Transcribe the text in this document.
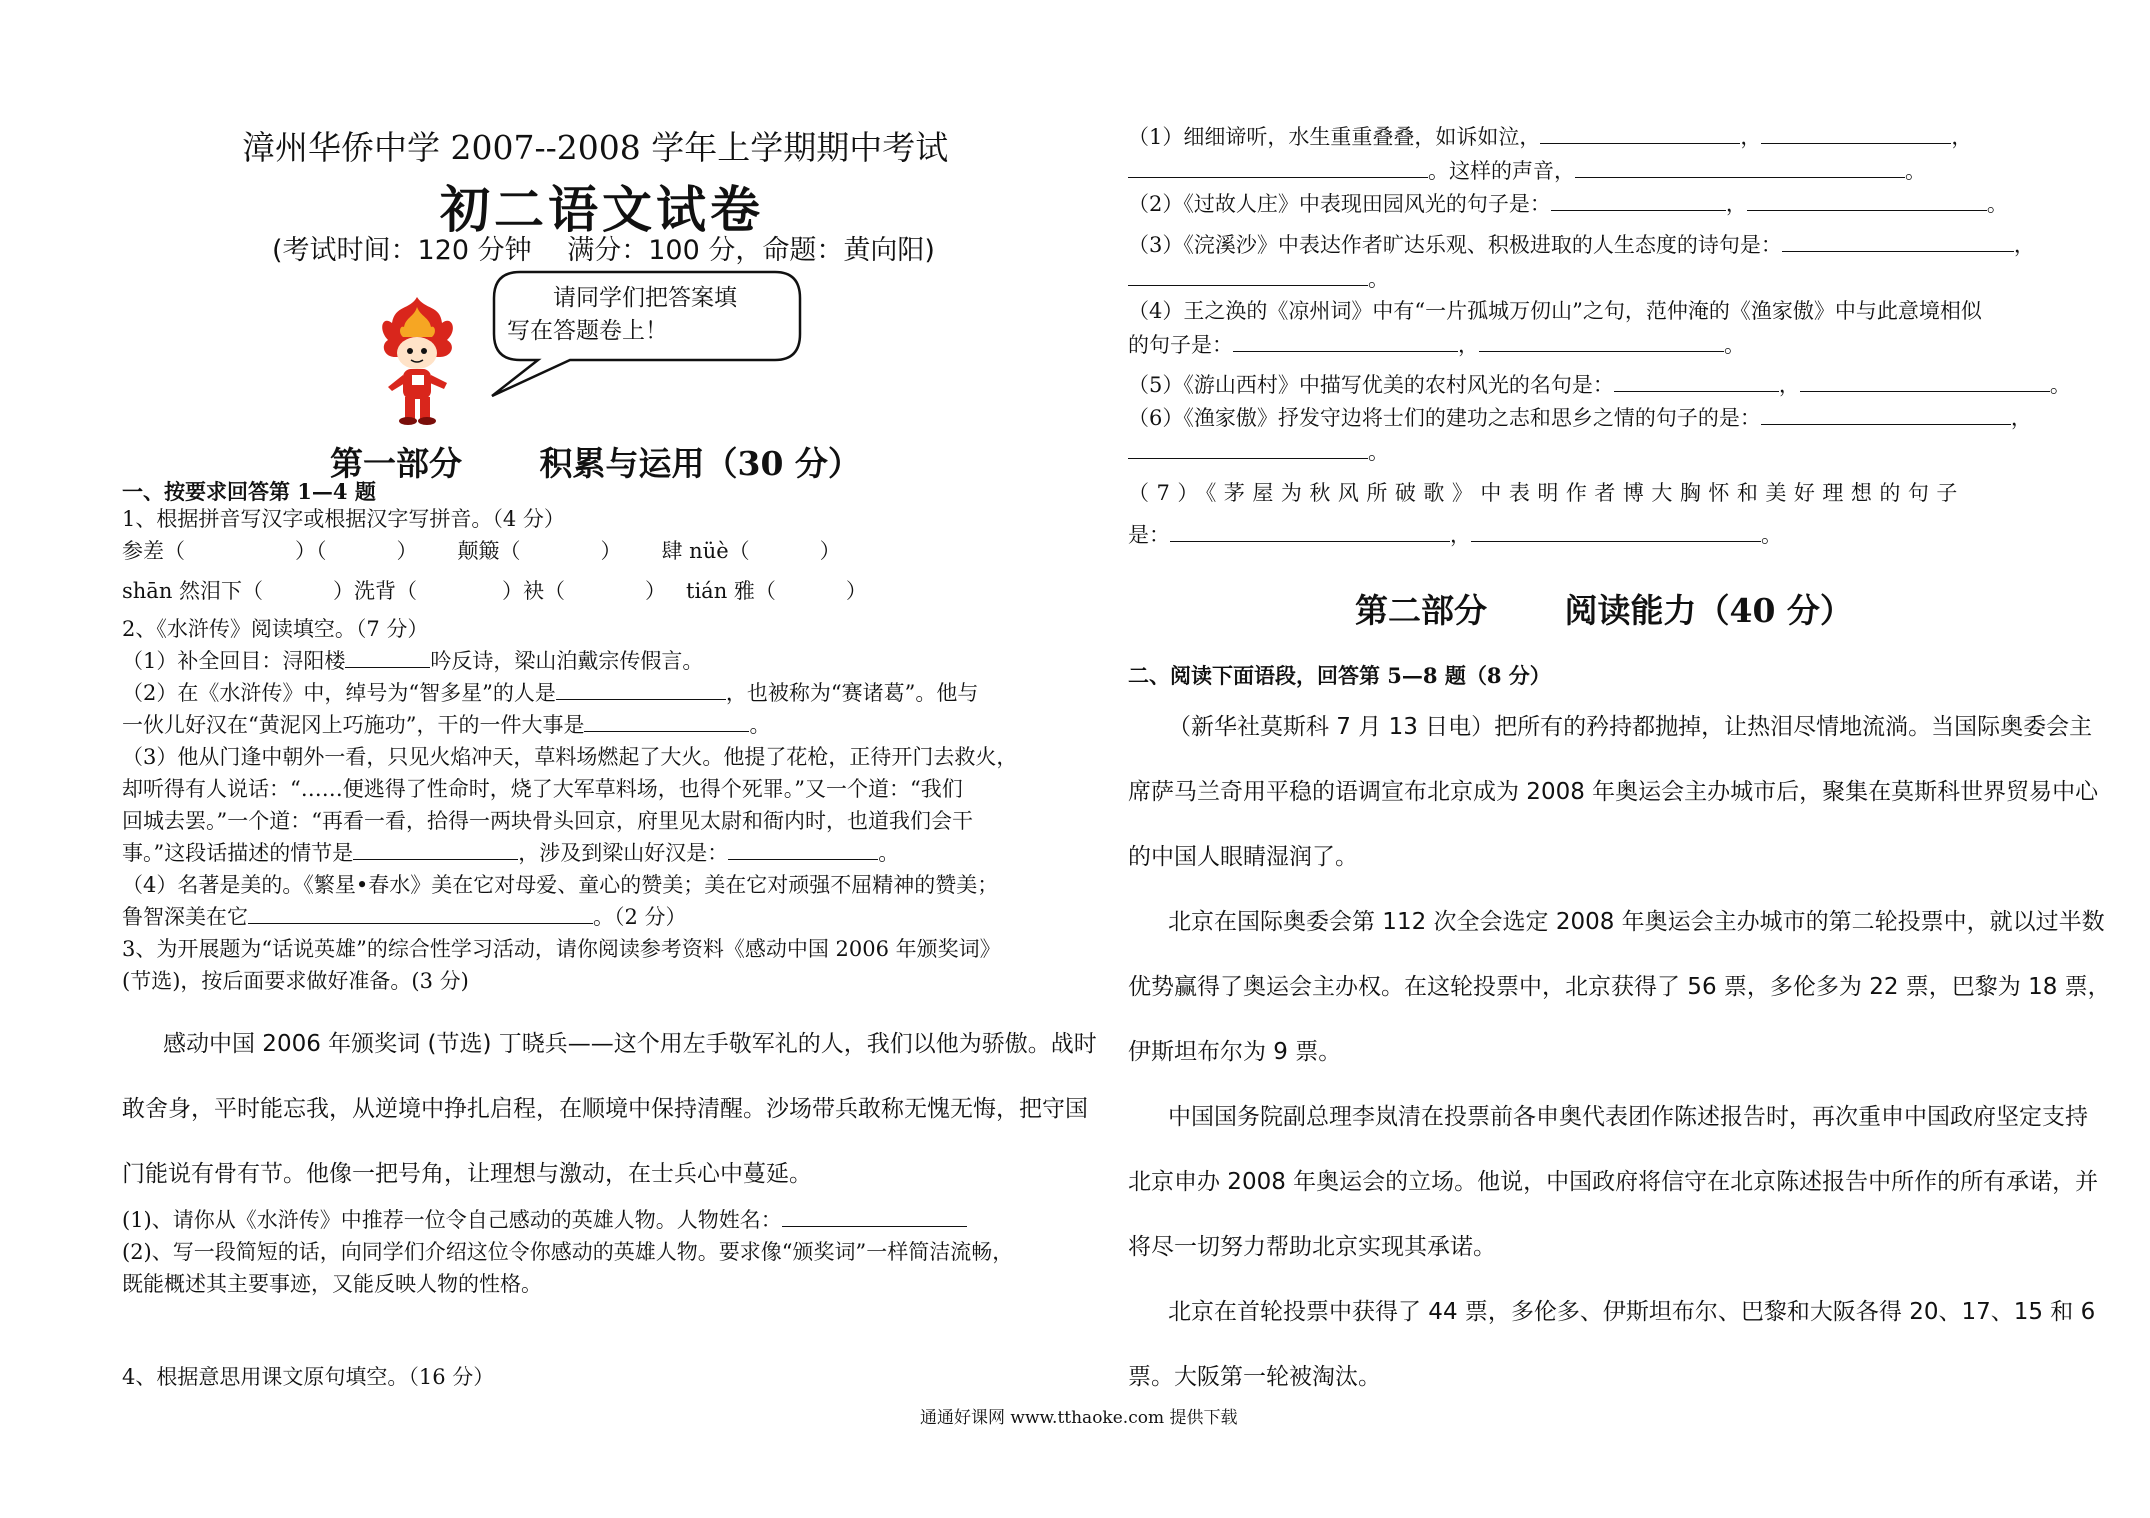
漳州华侨中学 2007--2008 学年上学期期中考试
初二语文试卷
(考试时间：120 分钟　 满分：100 分，命题：黄向阳)
请同学们把答案填
写在答题卷上！
第一部分　　 积累与运用（30 分）
一、按要求回答第 1—4 题
1、根据拼音写汉字或根据汉字写拼音。（4 分）
参差（	）（	） 颠簸（	） 肆 nüè（	）
shān 然泪下（	）洗背（	）袂（	） tián 雅（	）
2、《水浒传》阅读填空。（7 分）
（1）补全回目：浔阳楼	吟反诗，梁山泊戴宗传假言。
（2）在《水浒传》中，绰号为“智多星”的人是	，也被称为“赛诸葛”。他与
一伙儿好汉在“黄泥冈上巧施功”，干的一件大事是	。
（3）他从门逢中朝外一看，只见火焰冲天，草料场燃起了大火。他提了花枪，正待开门去救火，
却听得有人说话：“……便逃得了性命时，烧了大军草料场，也得个死罪。”又一个道：“我们
回城去罢。”一个道：“再看一看，拾得一两块骨头回京，府里见太尉和衙内时，也道我们会干
事。”这段话描述的情节是	，涉及到梁山好汉是：	。
（4）名著是美的。《繁星•春水》美在它对母爱、童心的赞美；美在它对顽强不屈精神的赞美；
鲁智深美在它	。（2 分）
3、为开展题为“话说英雄”的综合性学习活动，请你阅读参考资料《感动中国 2006 年颁奖词》
(节选)，按后面要求做好准备。(3 分)
感动中国 2006 年颁奖词 (节选) 丁晓兵——这个用左手敬军礼的人，我们以他为骄傲。战时
敢舍身，平时能忘我，从逆境中挣扎启程，在顺境中保持清醒。沙场带兵敢称无愧无悔，把守国
门能说有骨有节。他像一把号角，让理想与激动，在士兵心中蔓延。
(1)、请你从《水浒传》中推荐一位令自己感动的英雄人物。人物姓名：
(2)、写一段简短的话，向同学们介绍这位令你感动的英雄人物。要求像“颁奖词”一样简洁流畅，
既能概述其主要事迹，又能反映人物的性格。
4、根据意思用课文原句填空。（16 分）
（1）细细谛听，水生重重叠叠，如诉如泣，	，	，
。这样的声音，	。
（2）《过故人庄》中表现田园风光的句子是：	，	。
（3）《浣溪沙》中表达作者旷达乐观、积极进取的人生态度的诗句是：	，
。
（4）王之涣的《凉州词》中有“一片孤城万仞山”之句，范仲淹的《渔家傲》中与此意境相似
的句子是：	，	。
（5）《游山西村》中描写优美的农村风光的名句是：	，	。
（6）《渔家傲》抒发守边将士们的建功之志和思乡之情的句子的是：	，
。
（7）《茅屋为秋风所破歌》中表明作者博大胸怀和美好理想的句子
是：	，	。
第二部分　　 阅读能力（40 分）
二、阅读下面语段，回答第 5—8 题（8 分）
（新华社莫斯科 7 月 13 日电）把所有的矜持都抛掉，让热泪尽情地流淌。当国际奥委会主
席萨马兰奇用平稳的语调宣布北京成为 2008 年奥运会主办城市后，聚集在莫斯科世界贸易中心
的中国人眼睛湿润了。
北京在国际奥委会第 112 次全会选定 2008 年奥运会主办城市的第二轮投票中，就以过半数
优势赢得了奥运会主办权。在这轮投票中，北京获得了 56 票，多伦多为 22 票，巴黎为 18 票，
伊斯坦布尔为 9 票。
中国国务院副总理李岚清在投票前各申奥代表团作陈述报告时，再次重申中国政府坚定支持
北京申办 2008 年奥运会的立场。他说，中国政府将信守在北京陈述报告中所作的所有承诺，并
将尽一切努力帮助北京实现其承诺。
北京在首轮投票中获得了 44 票，多伦多、伊斯坦布尔、巴黎和大阪各得 20、17、15 和 6
票。大阪第一轮被淘汰。
通通好课网 www.tthaoke.com 提供下载
